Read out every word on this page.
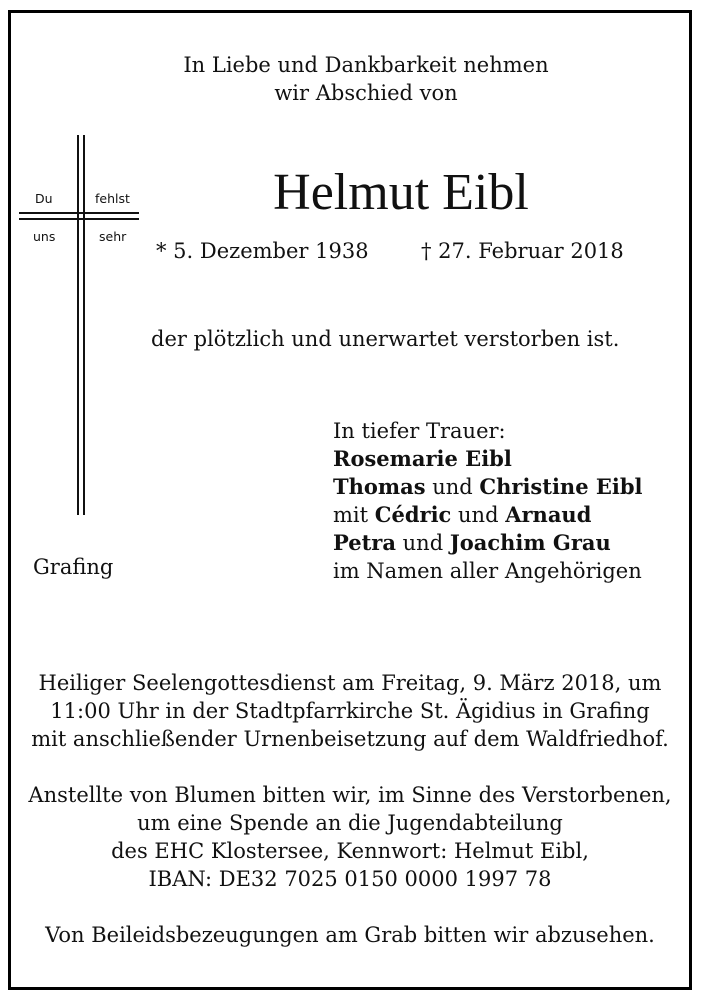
In Liebe und Dankbarkeit nehmen
wir Abschied von
Du	fehlst
uns	sehr
Helmut Eibl
* 5. Dezember 1938 † 27. Februar 2018
der plötzlich und unerwartet verstorben ist.
In tiefer Trauer:
Rosemarie Eibl
Thomas und Christine Eibl
mit Cédric und Arnaud
Petra und Joachim Grau
im Namen aller Angehörigen
Grafing
Heiliger Seelengottesdienst am Freitag, 9. März 2018, um
11:00 Uhr in der Stadtpfarrkirche St. Ägidius in Grafing
mit anschließender Urnenbeisetzung auf dem Waldfriedhof.
Anstellte von Blumen bitten wir, im Sinne des Verstorbenen,
um eine Spende an die Jugendabteilung
des EHC Klostersee, Kennwort: Helmut Eibl,
IBAN: DE32 7025 0150 0000 1997 78
Von Beileidsbezeugungen am Grab bitten wir abzusehen.
